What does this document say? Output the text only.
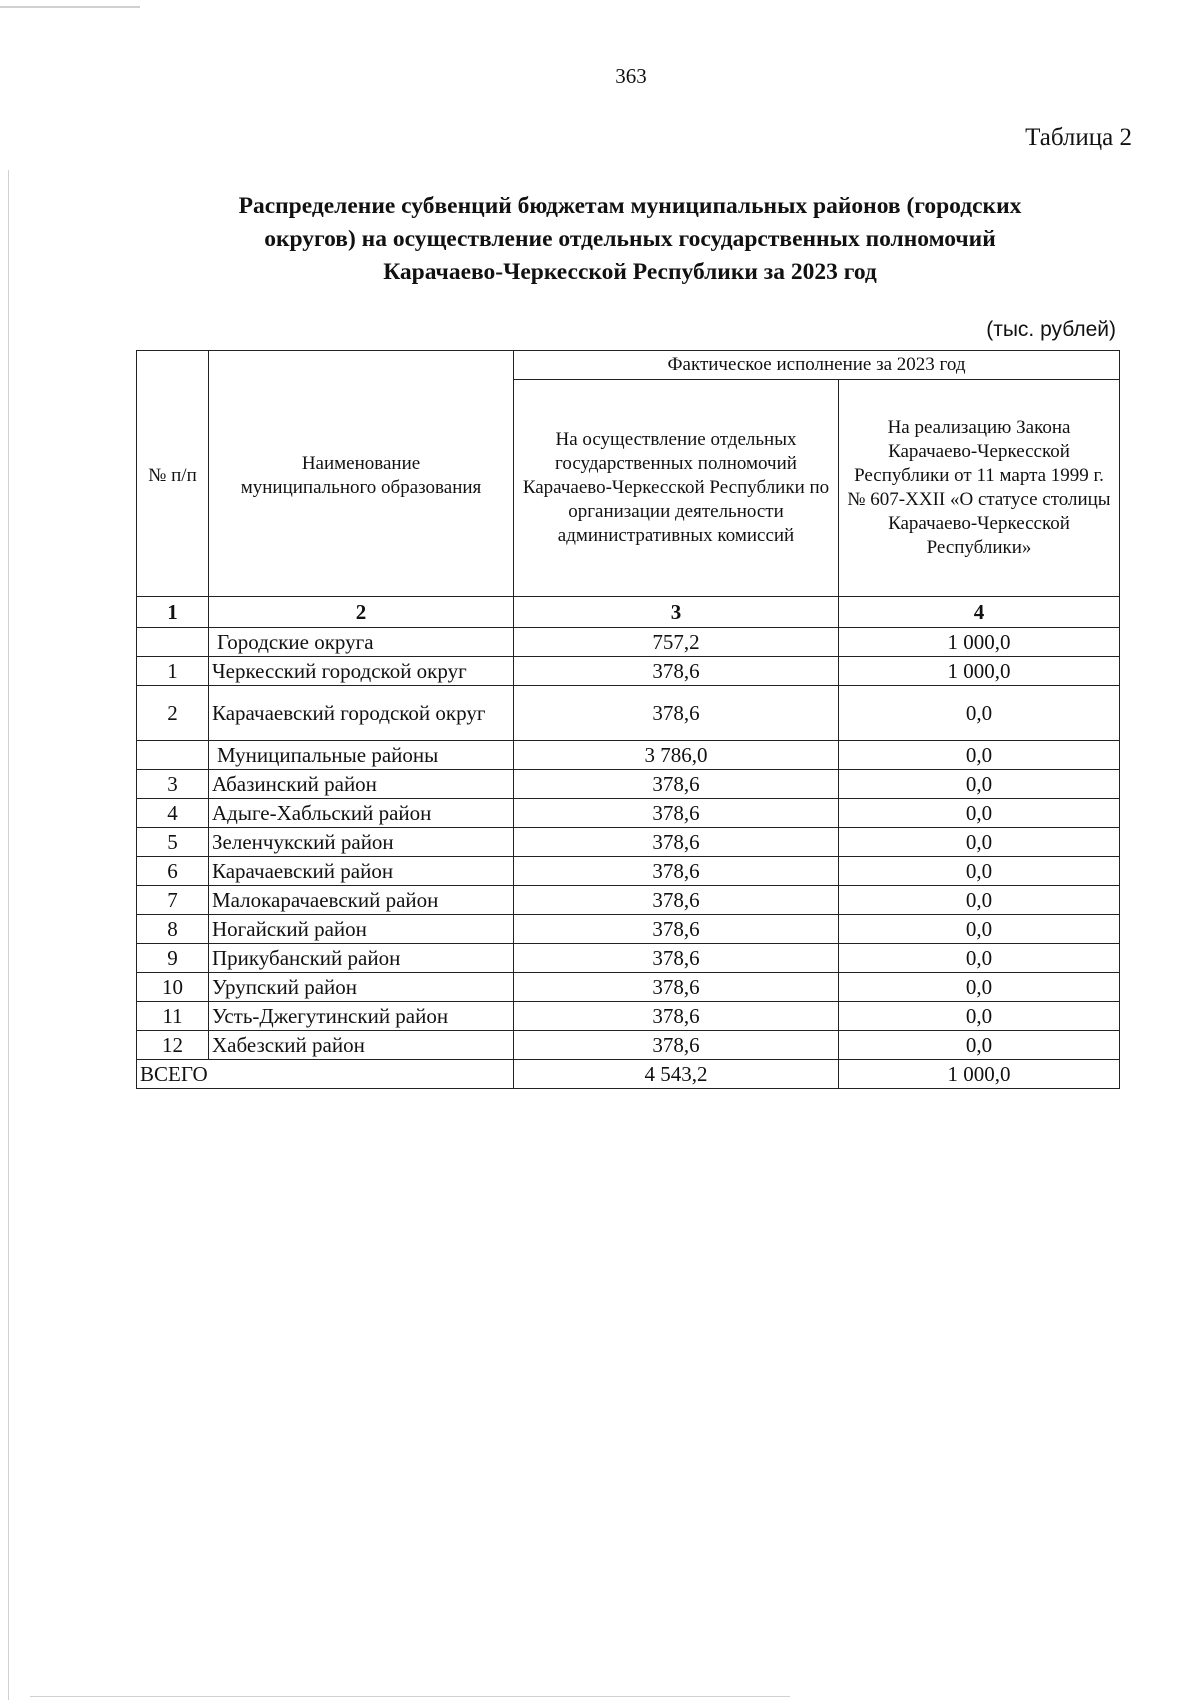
363
Таблица 2
Распределение субвенций бюджетам муниципальных районов (городских
округов) на осуществление отдельных государственных полномочий
Карачаево-Черкесской Республики за 2023 год
(тыс. рублей)
№ п/п	Наименование муниципального образования	Фактическое исполнение за 2023 год	
		На осуществление отдельных государственных полномочий Карачаево-Черкесской Республики по организации деятельности административных комиссий	На реализацию Закона Карачаево-Черкесской Республики от 11 марта 1999 г. № 607-XXII «О статусе столицы Карачаево-Черкесской Республики»
1	2	3	4
	Городские округа	757,2	1 000,0
1	Черкесский городской округ	378,6	1 000,0
2	Карачаевский городской округ	378,6	0,0
	Муниципальные районы	3 786,0	0,0
3	Абазинский район	378,6	0,0
4	Адыге-Хабльский район	378,6	0,0
5	Зеленчукский район	378,6	0,0
6	Карачаевский район	378,6	0,0
7	Малокарачаевский район	378,6	0,0
8	Ногайский район	378,6	0,0
9	Прикубанский район	378,6	0,0
10	Урупский район	378,6	0,0
11	Усть-Джегутинский район	378,6	0,0
12	Хабезский район	378,6	0,0
ВСЕГО		4 543,2	1 000,0
